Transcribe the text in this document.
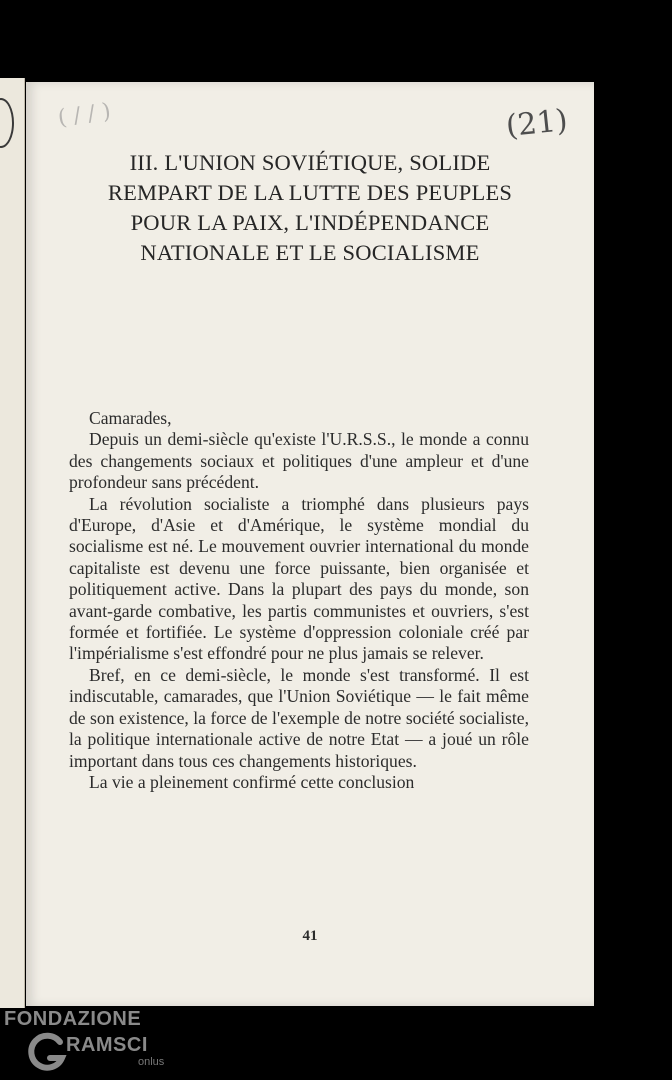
( / / )	(21)
III. L'UNION SOVIÉTIQUE, SOLIDE
REMPART DE LA LUTTE DES PEUPLES
POUR LA PAIX, L'INDÉPENDANCE
NATIONALE ET LE SOCIALISME

Camarades,

Depuis un demi-siècle qu'existe l'U.R.S.S., le monde a connu des changements sociaux et politiques d'une ampleur et d'une profondeur sans précédent.

La révolution socialiste a triomphé dans plusieurs pays d'Europe, d'Asie et d'Amérique, le système mondial du socialisme est né. Le mouvement ouvrier international du monde capitaliste est devenu une force puissante, bien organisée et politiquement active. Dans la plupart des pays du monde, son avant-garde combative, les partis communistes et ouvriers, s'est formée et fortifiée. Le système d'oppression coloniale créé par l'impérialisme s'est effondré pour ne plus jamais se relever.

Bref, en ce demi-siècle, le monde s'est transformé. Il est indiscutable, camarades, que l'Union Soviétique — le fait même de son existence, la force de l'exemple de notre société socialiste, la politique internationale active de notre Etat — a joué un rôle important dans tous ces changements historiques.

La vie a pleinement confirmé cette conclusion

41
FONDAZIONE
RAMSCI
onlus
